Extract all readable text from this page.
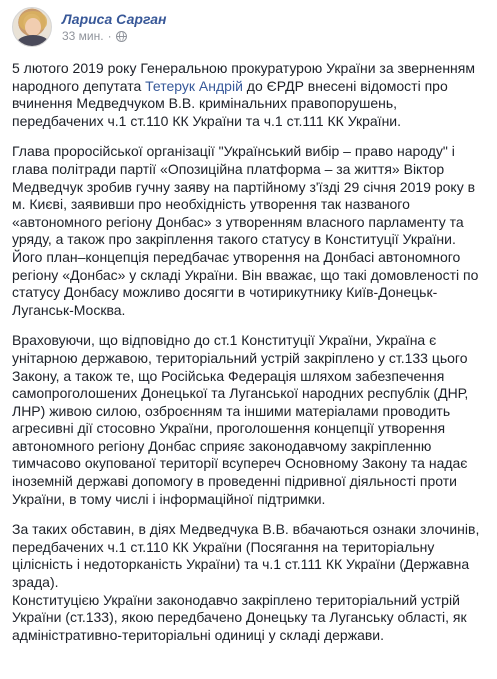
Лариса Сарган
33 мин. ·

5 лютого 2019 року Генеральною прокуратурою України за зверненням народного депутата Тетерук Андрій до ЄРДР внесені відомості про вчинення Медведчуком В.В. кримінальних правопорушень, передбачених ч.1 ст.110 КК України та ч.1 ст.111 КК України.

Глава проросійської організації "Український вибір – право народу" і глава політради партії «Опозиційна платформа – за життя» Віктор Медведчук зробив гучну заяву на партійному з'їзді 29 січня 2019 року в м. Києві, заявивши про необхідність утворення так названого «автономного регіону Донбас» з утворенням власного парламенту та уряду, а також про закріплення такого статусу в Конституції України. Його план–концепція передбачає утворення на Донбасі автономного регіону «Донбас» у складі України. Він вважає, що такі домовленості по статусу Донбасу можливо досягти в чотирикутнику Київ-Донецьк-Луганськ-Москва.

Враховуючи, що відповідно до ст.1 Конституції України, Україна є унітарною державою, територіальний устрій закріплено у ст.133 цього Закону, а також те, що Російська Федерація шляхом забезпечення самопроголошених Донецької та Луганської народних республік (ДНР, ЛНР) живою силою, озброєнням та іншими матеріалами проводить агресивні дії стосовно України, проголошення концепції утворення автономного регіону Донбас сприяє законодавчому закріпленню тимчасово окупованої території всупереч Основному Закону та надає іноземній державі допомогу в проведенні підривної діяльності проти України, в тому числі і інформаційної підтримки.

За таких обставин, в діях Медведчука В.В. вбачаються ознаки злочинів, передбачених ч.1 ст.110 КК України (Посягання на територіальну цілісність і недоторканість України) та ч.1 ст.111 КК України (Державна зрада).

Конституцією України законодавчо закріплено територіальний устрій України (ст.133), якою передбачено Донецьку та Луганську області, як адміністративно-територіальні одиниці у складі держави.
